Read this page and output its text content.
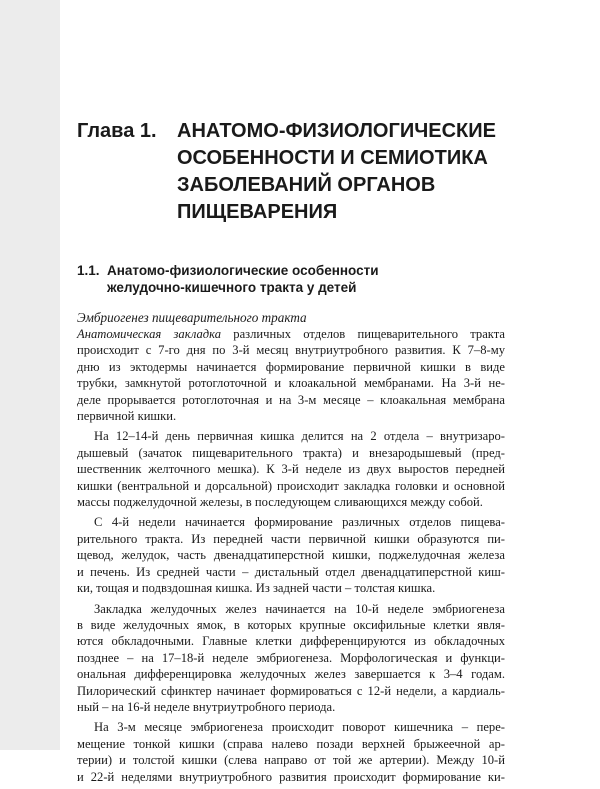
Глава 1. АНАТОМО-ФИЗИОЛОГИЧЕСКИЕ
ОСОБЕННОСТИ И СЕМИОТИКА
ЗАБОЛЕВАНИЙ ОРГАНОВ
ПИЩЕВАРЕНИЯ
1.1. Анатомо-физиологические особенности
желудочно-кишечного тракта у детей

Эмбриогенез пищеварительного тракта

Анатомическая закладка различных отделов пищеварительного тракта
происходит с 7-го дня по 3-й месяц внутриутробного развития. К 7–8-му
дню из эктодермы начинается формирование первичной кишки в виде
трубки, замкнутой ротоглоточной и клоакальной мембранами. На 3-й не-
деле прорывается ротоглоточная и на 3-м месяце – клоакальная мембрана
первичной кишки.

На 12–14-й день первичная кишка делится на 2 отдела – внутризаро-
дышевый (зачаток пищеварительного тракта) и внезародышевый (пред-
шественник желточного мешка). К 3-й неделе из двух выростов передней
кишки (вентральной и дорсальной) происходит закладка головки и основной
массы поджелудочной железы, в последующем сливающихся между собой.

С 4-й недели начинается формирование различных отделов пищева-
рительного тракта. Из передней части первичной кишки образуются пи-
щевод, желудок, часть двенадцатиперстной кишки, поджелудочная железа
и печень. Из средней части – дистальный отдел двенадцатиперстной киш-
ки, тощая и подвздошная кишка. Из задней части – толстая кишка.

Закладка желудочных желез начинается на 10-й неделе эмбриогенеза
в виде желудочных ямок, в которых крупные оксифильные клетки явля-
ются обкладочными. Главные клетки дифференцируются из обкладочных
позднее – на 17–18-й неделе эмбриогенеза. Морфологическая и функци-
ональная дифференцировка желудочных желез завершается к 3–4 годам.
Пилорический сфинктер начинает формироваться с 12-й недели, а кардиаль-
ный – на 16-й неделе внутриутробного периода.

На 3-м месяце эмбриогенеза происходит поворот кишечника – пере-
мещение тонкой кишки (справа налево позади верхней брыжеечной ар-
терии) и толстой кишки (слева направо от той же артерии). Между 10-й
и 22-й неделями внутриутробного развития происходит формирование ки-
